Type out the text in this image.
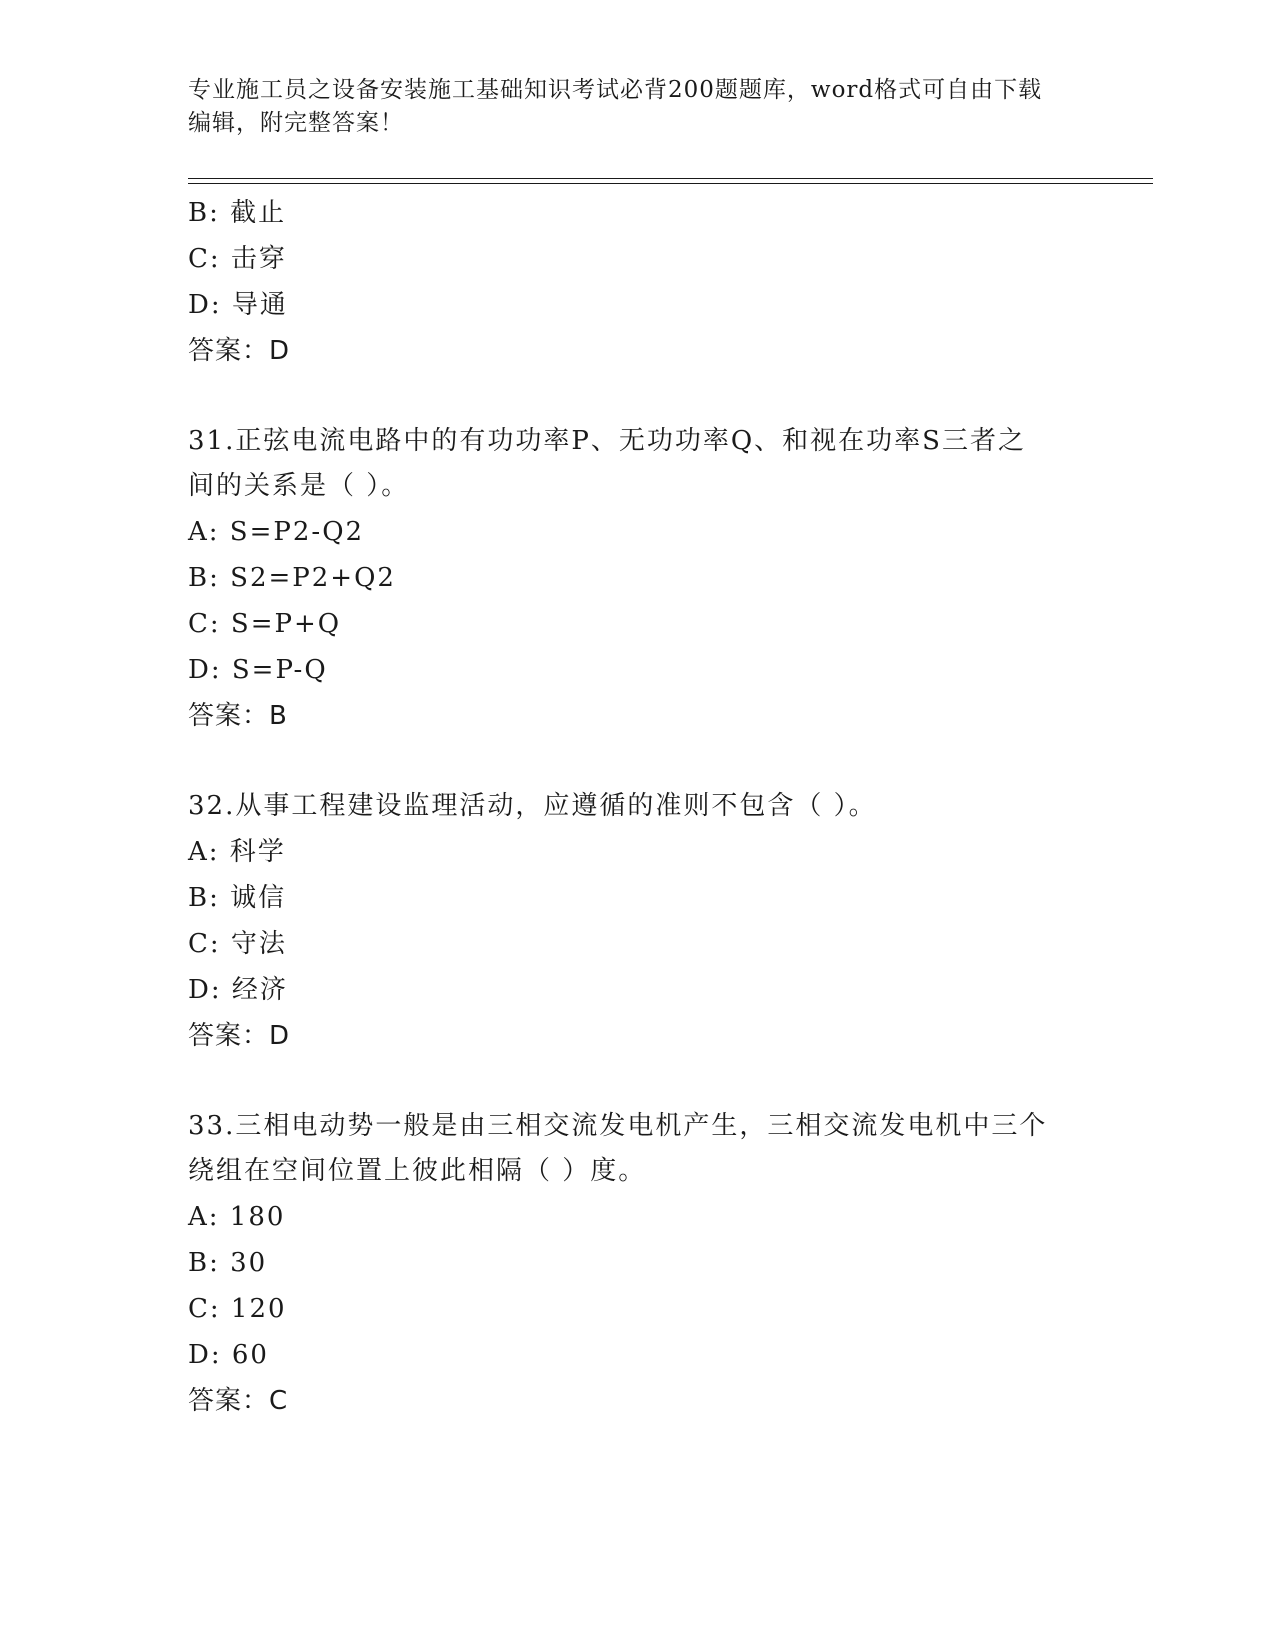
专业施工员之设备安装施工基础知识考试必背200题题库，word格式可自由下载
编辑，附完整答案！
B: 截止
C: 击穿
D: 导通
答案：D
31.正弦电流电路中的有功功率P、无功功率Q、和视在功率S三者之
间的关系是（ ）。
A: S=P2-Q2
B: S2=P2+Q2
C: S=P+Q
D: S=P-Q
答案：B
32.从事工程建设监理活动，应遵循的准则不包含（ ）。
A: 科学
B: 诚信
C: 守法
D: 经济
答案：D
33.三相电动势一般是由三相交流发电机产生，三相交流发电机中三个
绕组在空间位置上彼此相隔（ ）度。
A: 180
B: 30
C: 120
D: 60
答案：C
